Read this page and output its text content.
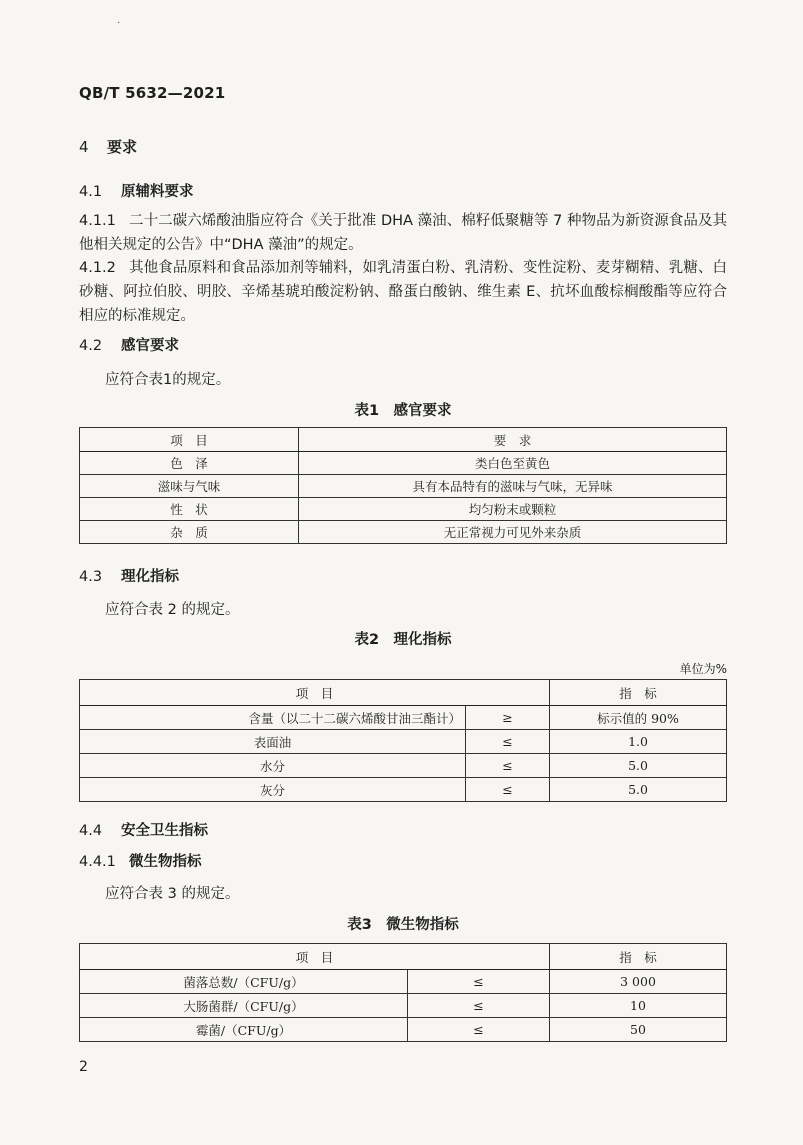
.
QB/T 5632—2021
4 要求
4.1 原辅料要求
4.1.1 二十二碳六烯酸油脂应符合《关于批准 DHA 藻油、棉籽低聚糖等 7 种物品为新资源食品及其他相关规定的公告》中“DHA 藻油”的规定。
4.1.2 其他食品原料和食品添加剂等辅料，如乳清蛋白粉、乳清粉、变性淀粉、麦芽糊精、乳糖、白砂糖、阿拉伯胶、明胶、辛烯基琥珀酸淀粉钠、酪蛋白酸钠、维生素 E、抗坏血酸棕榈酸酯等应符合相应的标准规定。
4.2 感官要求
应符合表1的规定。
表1　感官要求
项　目	要　求
色　泽	类白色至黄色
滋味与气味	具有本品特有的滋味与气味，无异味
性　状	均匀粉末或颗粒
杂　质	无正常视力可见外来杂质
4.3 理化指标
应符合表 2 的规定。
表2　理化指标
单位为%
项　目		指　标
含量（以二十二碳六烯酸甘油三酯计）	≥	标示值的 90%
表面油	≤	1.0
水分	≤	5.0
灰分	≤	5.0
4.4 安全卫生指标
4.4.1 微生物指标
应符合表 3 的规定。
表3　微生物指标
项　目		指　标
菌落总数/（CFU/g）	≤	3 000
大肠菌群/（CFU/g）	≤	10
霉菌/（CFU/g）	≤	50
2
